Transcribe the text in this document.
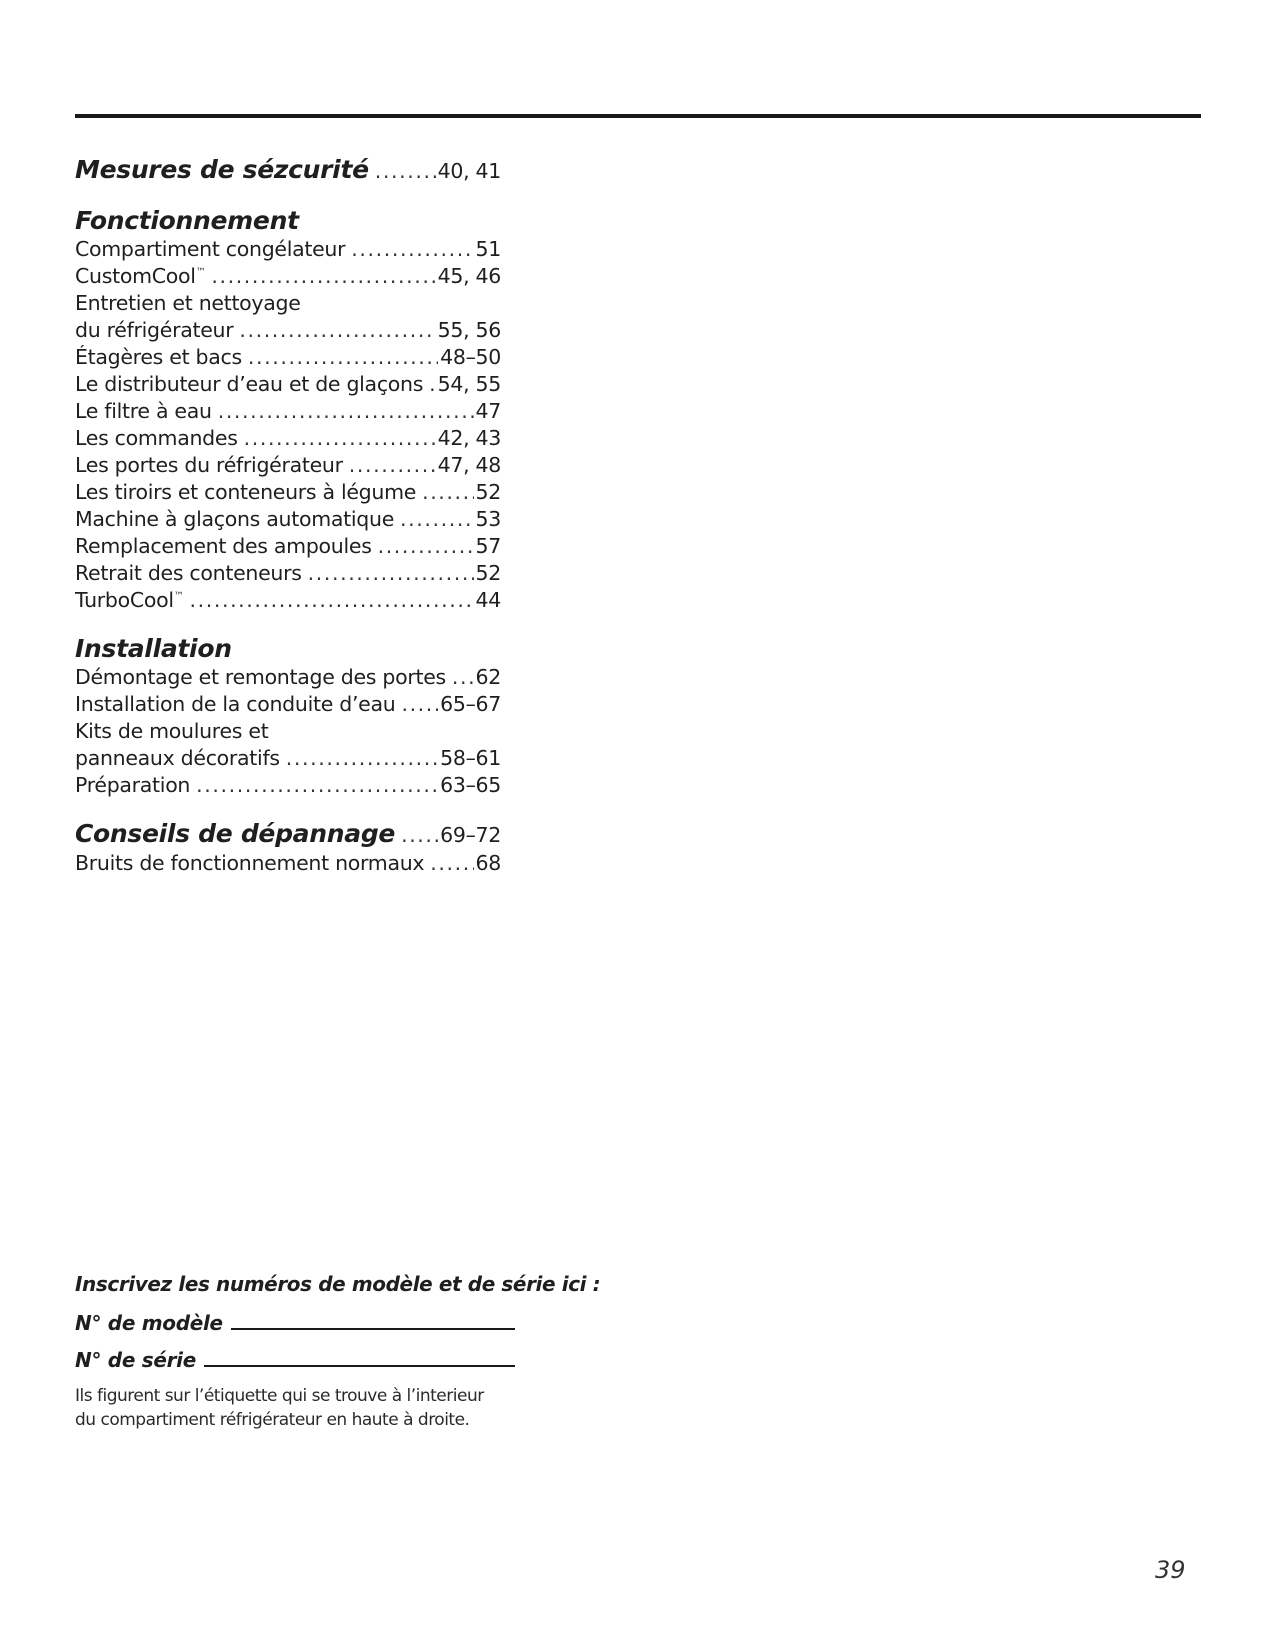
Mesures de sézcurité .....	40, 41
Fonctionnement
Compartiment congélateur .....	51
CustomCool™ .....	45, 46
Entretien et nettoyage
du réfrigérateur .....	55, 56
Étagères et bacs .....	48–50
Le distributeur d’eau et de glaçons ..... 54, 55
Le filtre à eau .....	47
Les commandes .....	42, 43
Les portes du réfrigérateur .....	47, 48
Les tiroirs et conteneurs à légume .....	52
Machine à glaçons automatique .....	53
Remplacement des ampoules .....	57
Retrait des conteneurs .....	52
TurboCool™ .....	44
Installation
Démontage et remontage des portes ..... 62
Installation de la conduite d’eau ..... 65–67
Kits de moulures et
panneaux décoratifs .....	58–61
Préparation .....	63–65
Conseils de dépannage ..... 69–72
Bruits de fonctionnement normaux .....	68
Inscrivez les numéros de modèle et de série ici :
N° de modèle
N° de série
Ils figurent sur l’étiquette qui se trouve à l’interieur
du compartiment réfrigérateur en haute à droite.
39
